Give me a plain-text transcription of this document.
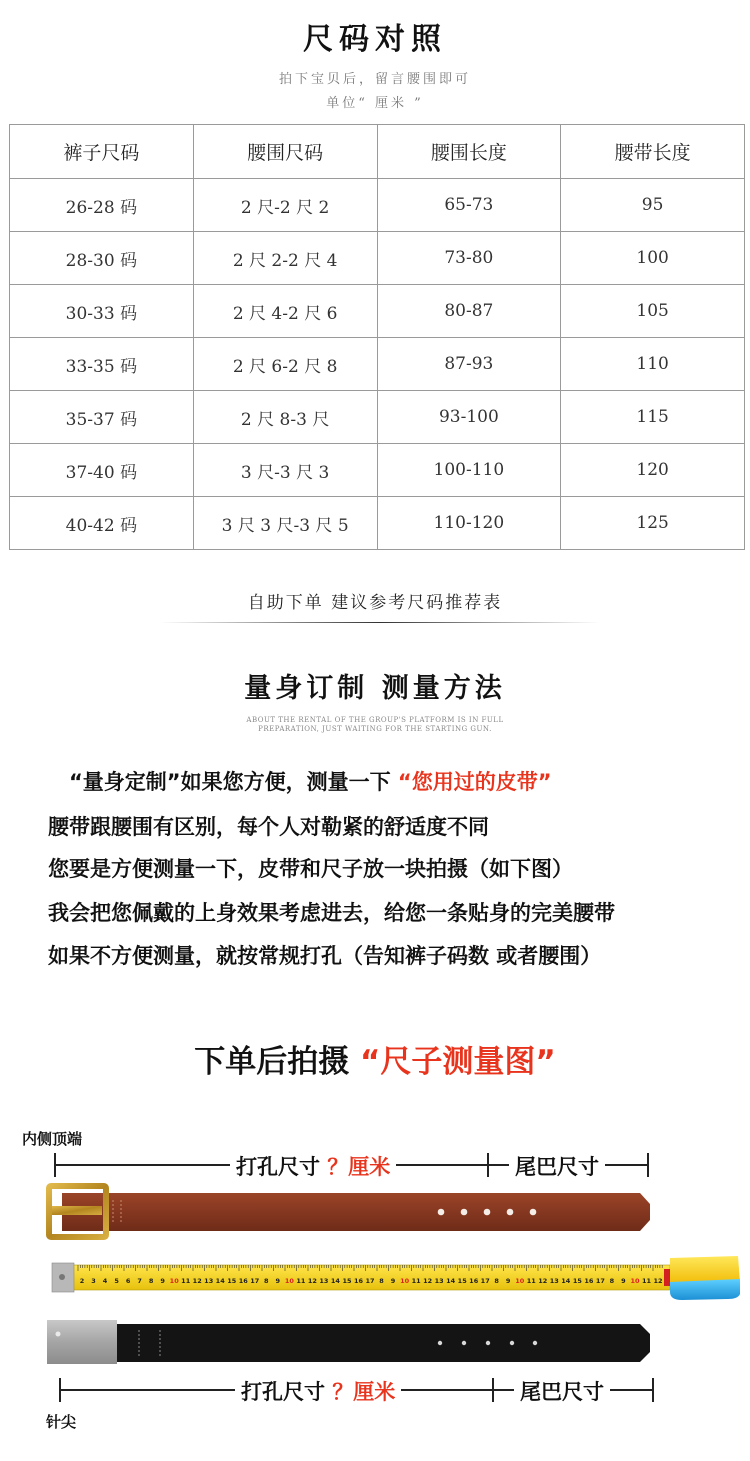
尺码对照
拍下宝贝后，留言腰围即可
单位“ 厘米 ”
裤子尺码	腰围尺码	腰围长度	腰带长度
26-28 码	2 尺-2 尺 2	65-73	95
28-30 码	2 尺 2-2 尺 4	73-80	100
30-33 码	2 尺 4-2 尺 6	80-87	105
33-35 码	2 尺 6-2 尺 8	87-93	110
35-37 码	2 尺 8-3 尺	93-100	115
37-40 码	3 尺-3 尺 3	100-110	120
40-42 码	3 尺 3 尺-3 尺 5	110-120	125
自助下单 建议参考尺码推荐表
量身订制 测量方法
ABOUT THE RENTAL OF THE GROUP'S PLATFORM IS IN FULL
PREPARATION, JUST WAITING FOR THE STARTING GUN.
　“量身定制”如果您方便，测量一下 “您用过的皮带”
腰带跟腰围有区别，每个人对勒紧的舒适度不同
您要是方便测量一下，皮带和尺子放一块拍摄（如下图）
我会把您佩戴的上身效果考虑进去，给您一条贴身的完美腰带
如果不方便测量，就按常规打孔（告知裤子码数 或者腰围）
下单后拍摄 “尺子测量图”
内侧顶端
打孔尺寸 ？厘米	尾巴尺寸
2 3 4 5 6 7 8 9 10 11 12 13 14 15 16 17 8 9 10 11 12 13 14 15 16 17 8 9 10 11 12 13 14 15 16 17 8 9 10 11 12 13 14 15 16 17 8 9 10 11 12
打孔尺寸 ？厘米	尾巴尺寸
针尖
